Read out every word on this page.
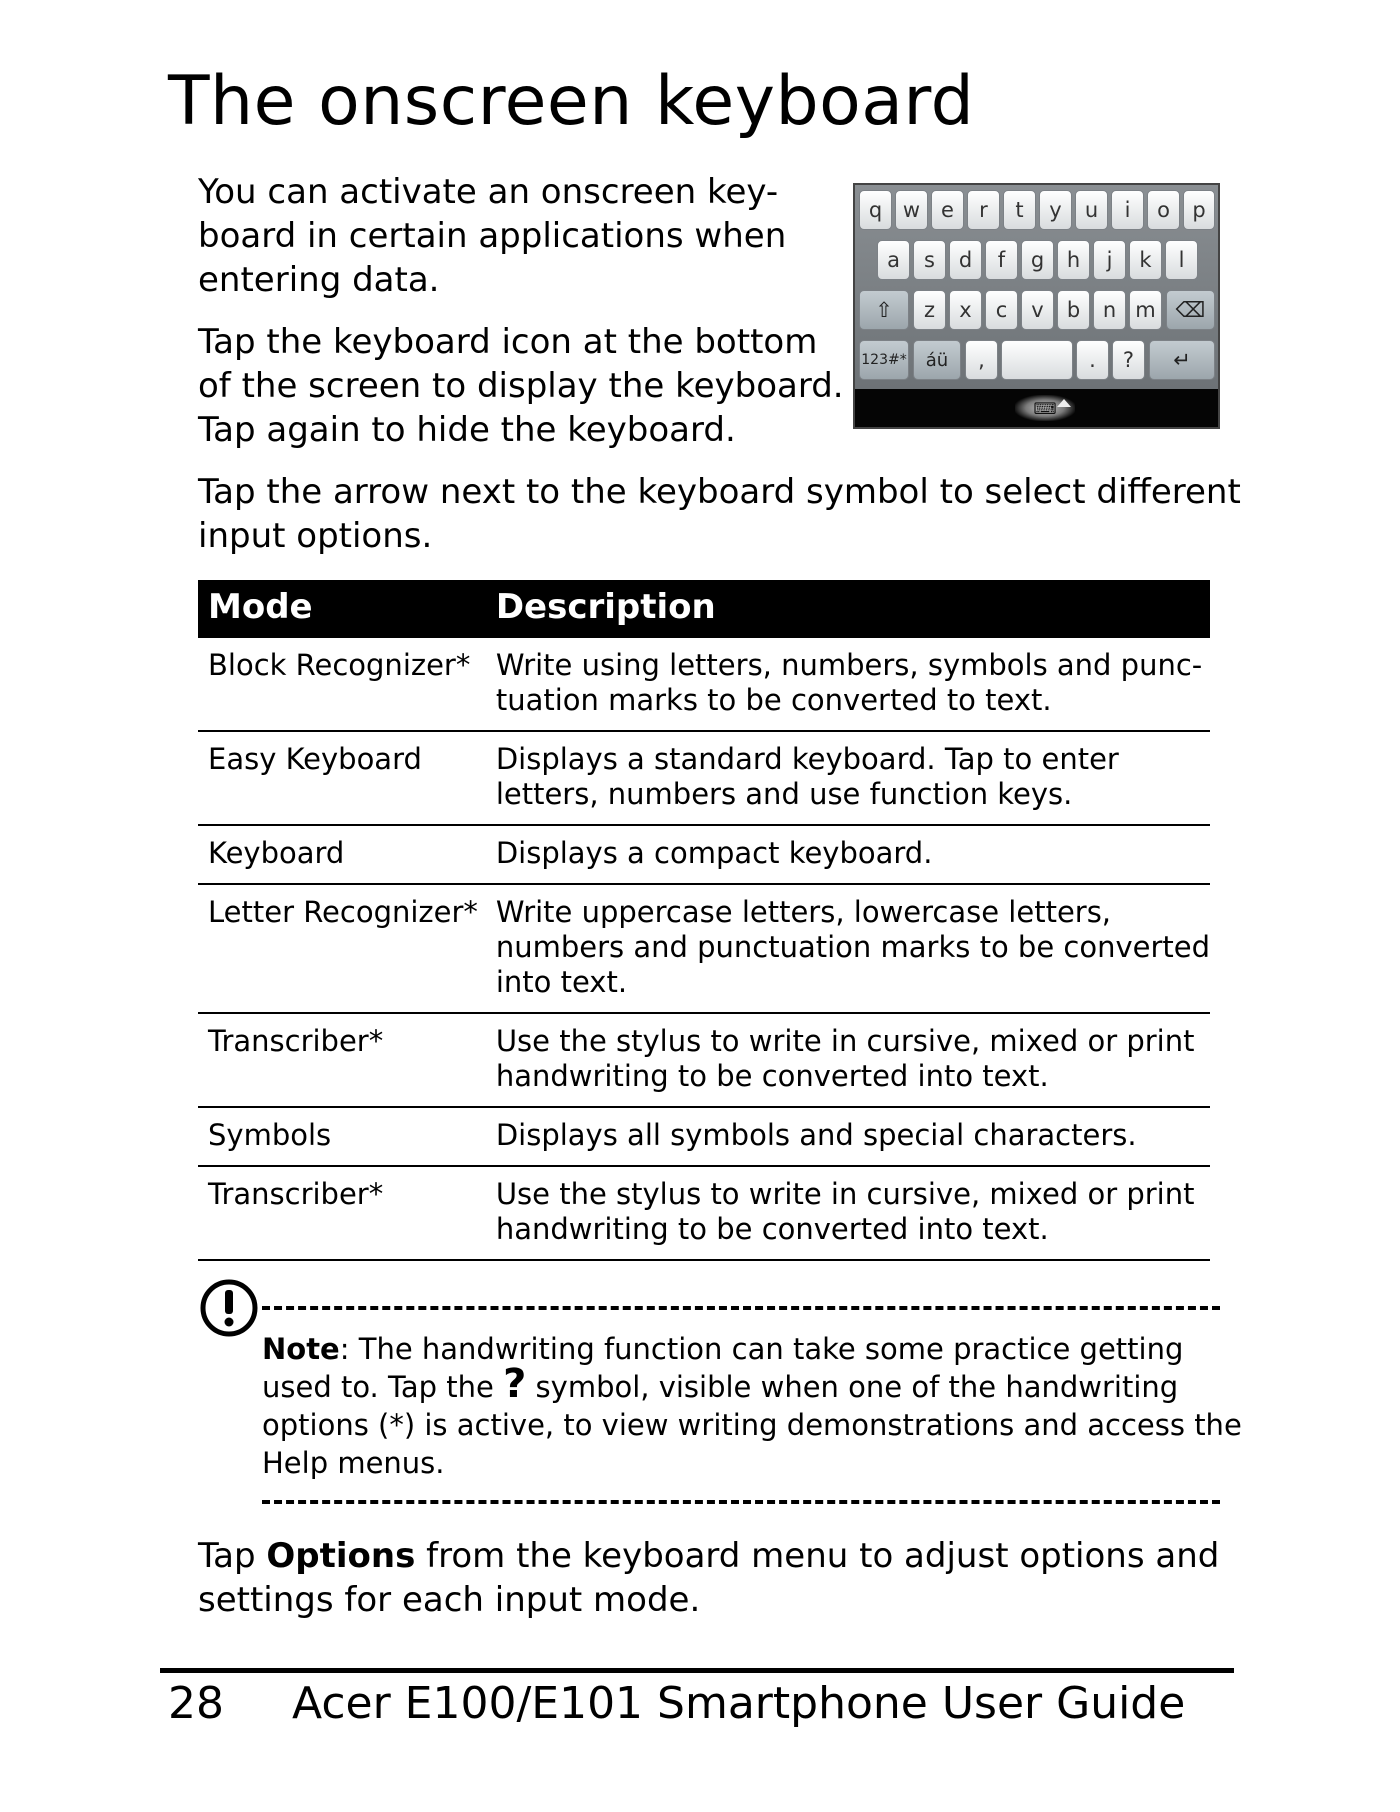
The onscreen keyboard

You can activate an onscreen key-
board in certain applications when
entering data.

Tap the keyboard icon at the bottom
of the screen to display the keyboard.
Tap again to hide the keyboard.

q w e	r	t	y	u	i	o	p
a	s	d	f	g	h	j	k	l
⇧	z	x	c	v	b	n m ⌫
123#*	áü	,	.	?	↵
⌨

Tap the arrow next to the keyboard symbol to select different
input options.

Mode	Description
Block Recognizer*	Write using letters, numbers, symbols and punc-
tuation marks to be converted to text.

Easy Keyboard	Displays a standard keyboard. Tap to enter
letters, numbers and use function keys.

Keyboard	Displays a compact keyboard.

Letter Recognizer*	Write uppercase letters, lowercase letters,
numbers and punctuation marks to be converted
into text.

Transcriber*	Use the stylus to write in cursive, mixed or print
handwriting to be converted into text.

Symbols	Displays all symbols and special characters.

Transcriber*	Use the stylus to write in cursive, mixed or print
handwriting to be converted into text.
Note: The handwriting function can take some practice getting
used to. Tap the ? symbol, visible when one of the handwriting
options (*) is active, to view writing demonstrations and access the
Help menus.

Tap Options from the keyboard menu to adjust options and
settings for each input mode.

28 Acer E100/E101 Smartphone User Guide
